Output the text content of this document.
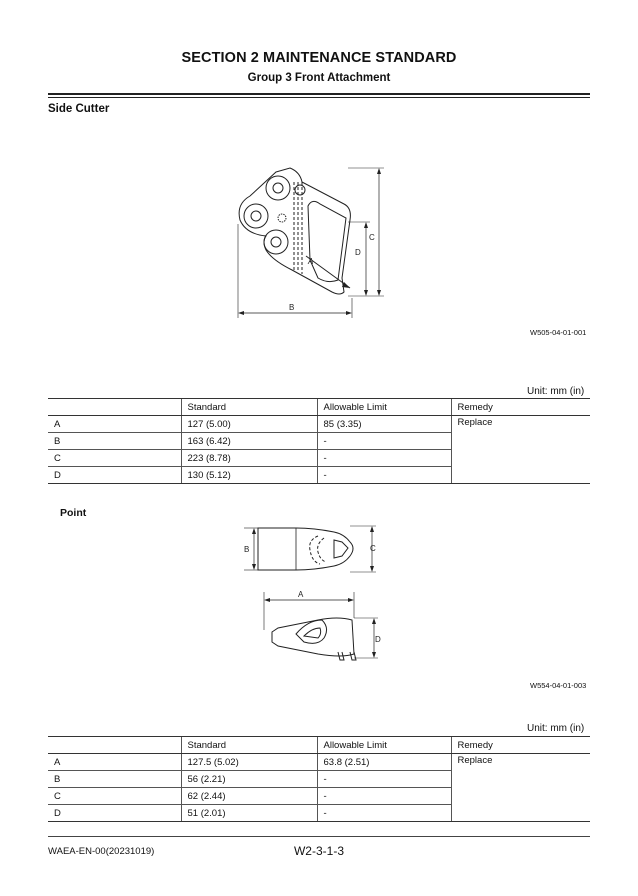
SECTION 2 MAINTENANCE STANDARD
Group 3 Front Attachment
Side Cutter
B
C
D
A
W505-04-01-001
Unit: mm (in)
	Standard	Allowable Limit	Remedy
A	127 (5.00)	85 (3.35)	Replace
B	163 (6.42)	-	
C	223 (8.78)	-	
D	130 (5.12)	-	
Point
B	C
A
D
W554-04-01-003
Unit: mm (in)
	Standard	Allowable Limit	Remedy
A	127.5 (5.02)	63.8 (2.51)	Replace
B	56 (2.21)	-	
C	62 (2.44)	-	
D	51 (2.01)	-	
WAEA-EN-00(20231019)	W2-3-1-3
